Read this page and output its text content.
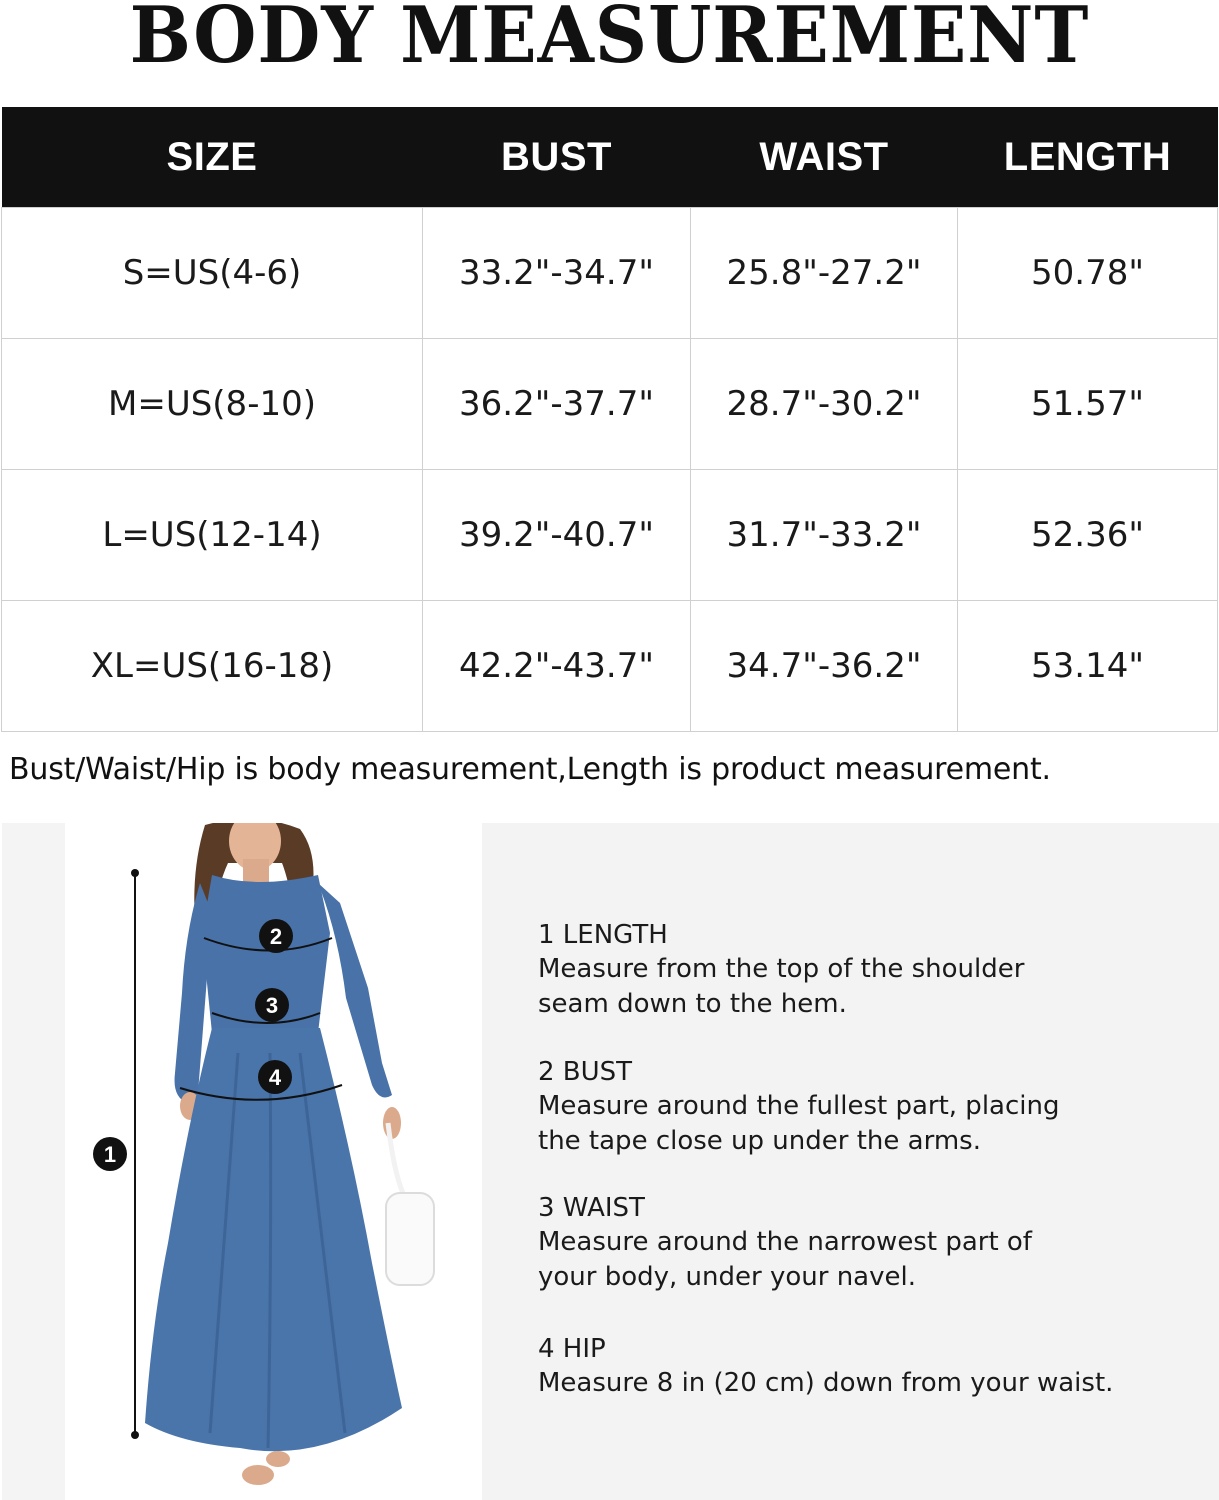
BODY MEASUREMENT
SIZE	BUST	WAIST	LENGTH
S=US(4-6)	33.2"-34.7"	25.8"-27.2"	50.78"
M=US(8-10)	36.2"-37.7"	28.7"-30.2"	51.57"
L=US(12-14)	39.2"-40.7"	31.7"-33.2"	52.36"
XL=US(16-18)	42.2"-43.7"	34.7"-36.2"	53.14"
Bust/Waist/Hip is body measurement,Length is product measurement.
1
2
3
4
1 LENGTH
Measure from the top of the shoulder seam down to the hem.
2 BUST
Measure around the fullest part, placing the tape close up under the arms.
3 WAIST
Measure around the narrowest part of your body, under your navel.
4 HIP
Measure 8 in (20 cm) down from your waist.
